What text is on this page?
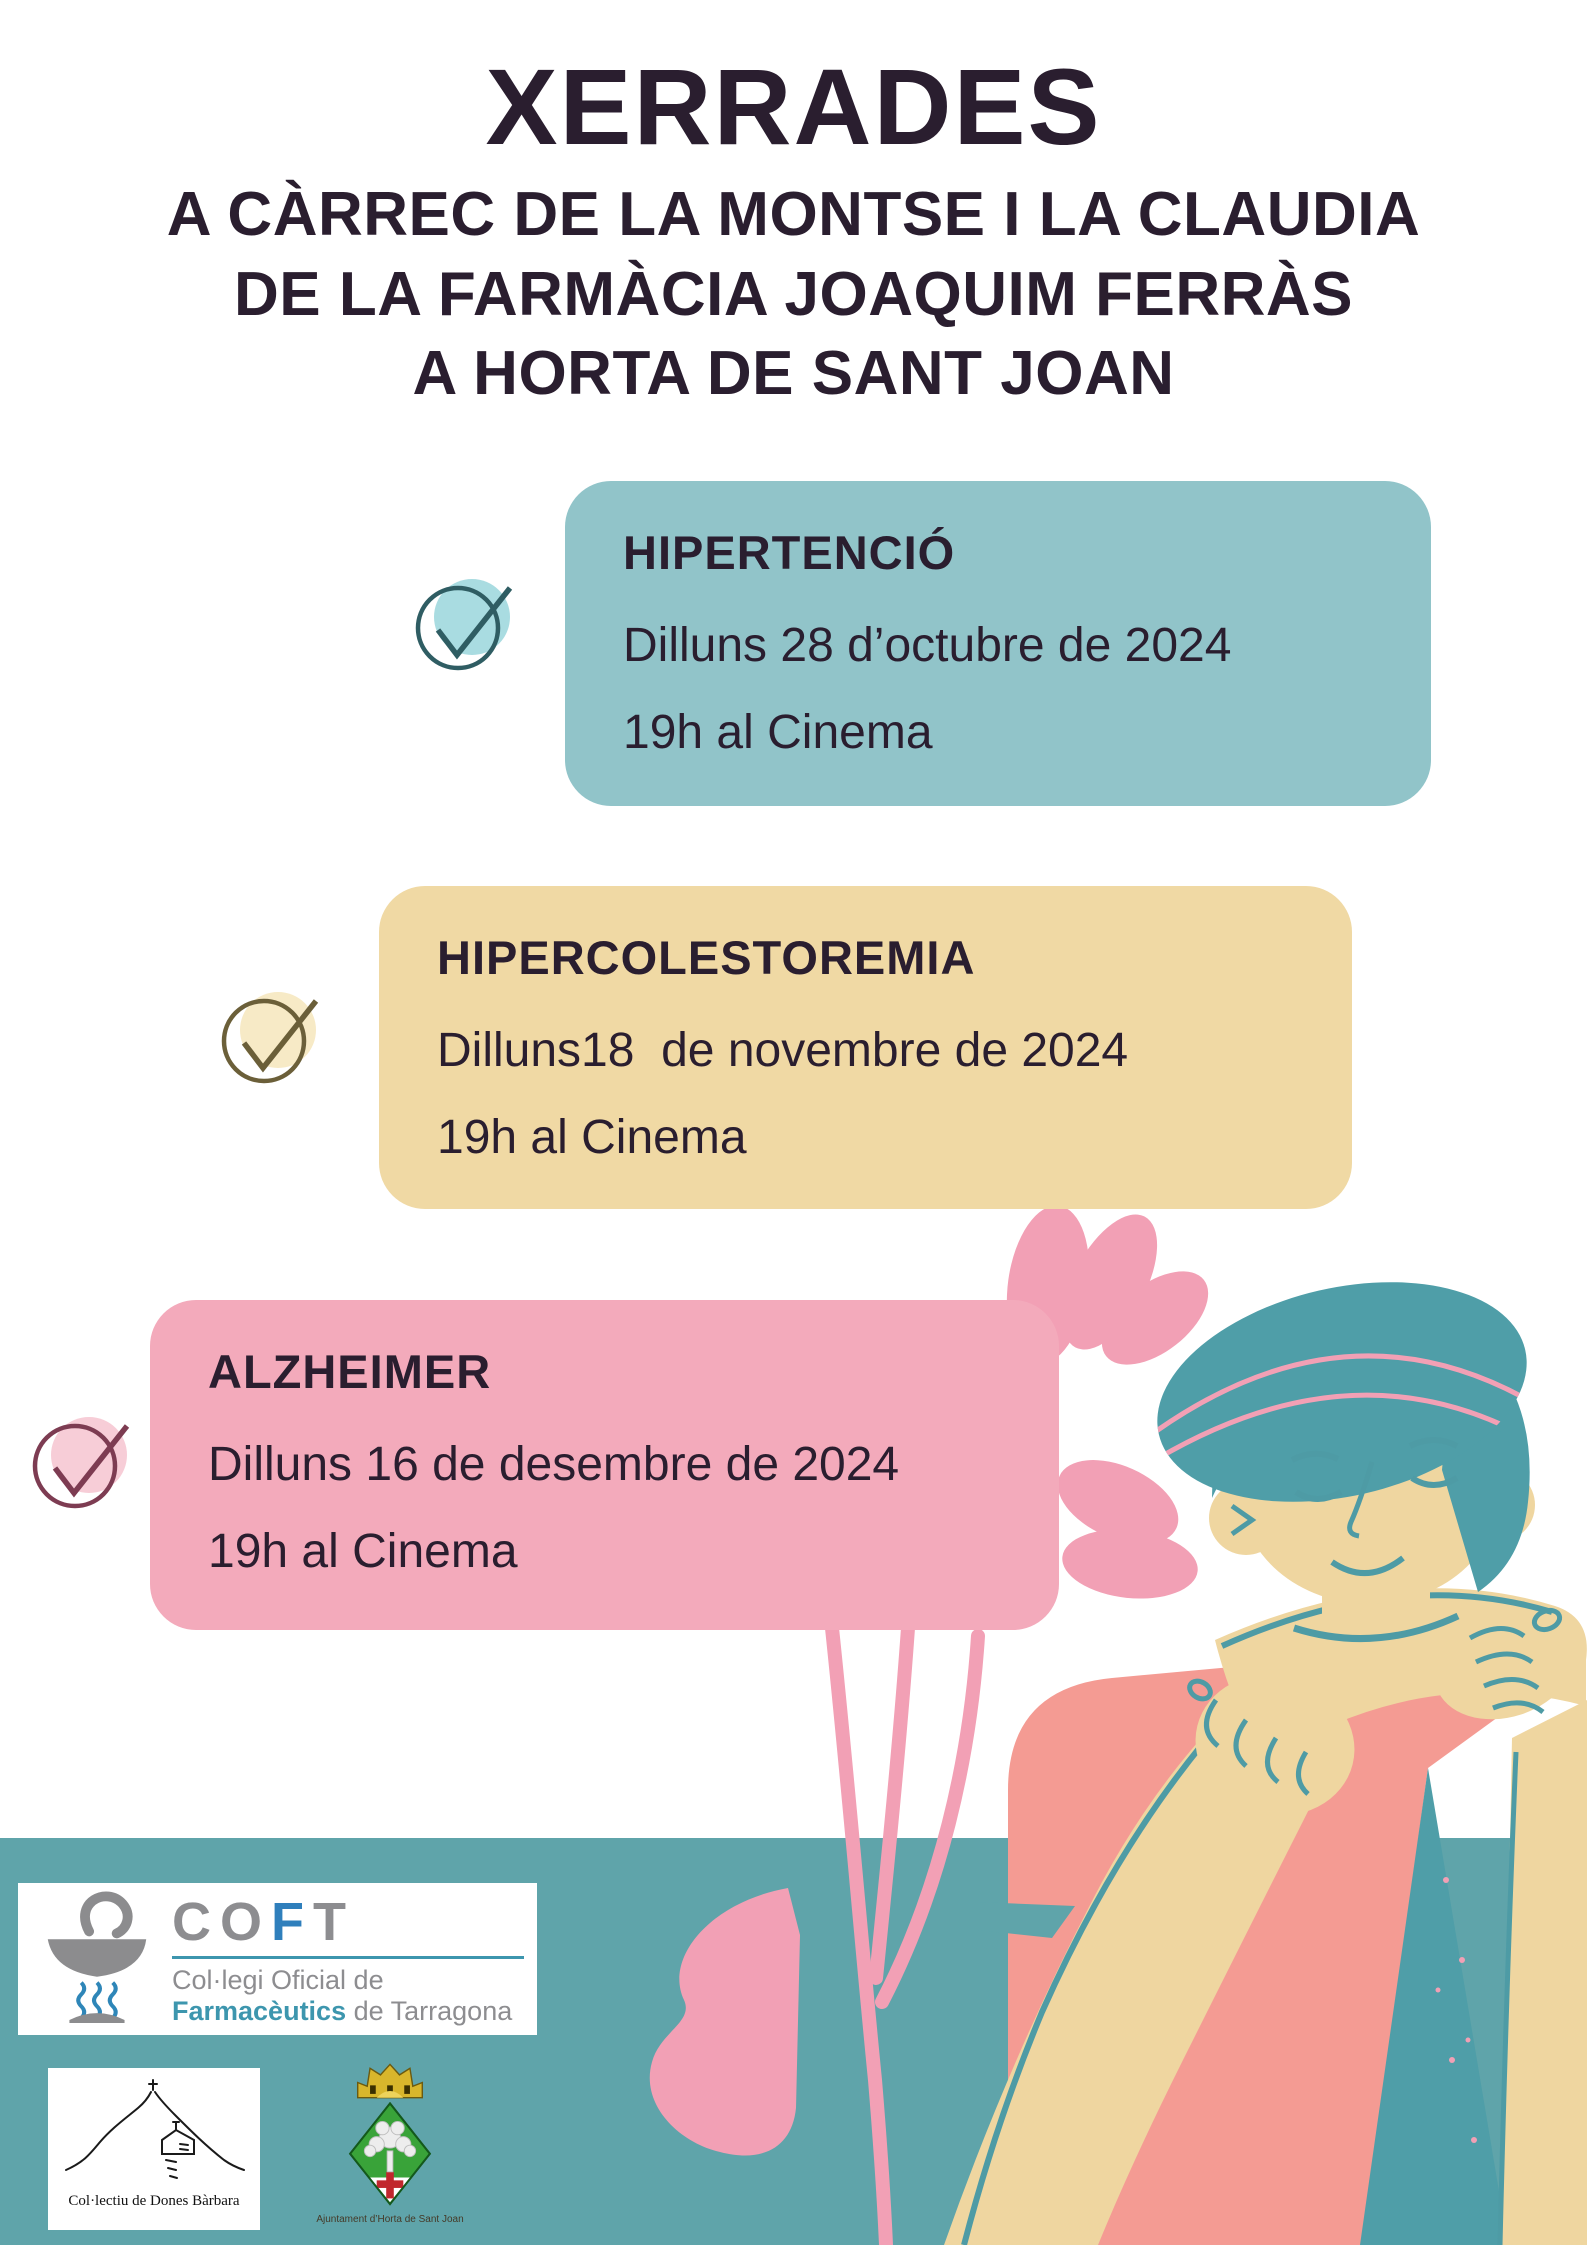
XERRADES
A CÀRREC DE LA MONTSE I LA CLAUDIA
DE LA FARMÀCIA JOAQUIM FERRÀS
A HORTA DE SANT JOAN
HIPERTENCIÓ
Dilluns 28 d’octubre de 2024
19h al Cinema
HIPERCOLESTOREMIA
Dilluns18  de novembre de 2024
19h al Cinema
ALZHEIMER
Dilluns 16 de desembre de 2024
19h al Cinema
COFT
Col·legi Oficial de
Farmacèutics de Tarragona
Col·lectiu de Dones Bàrbara
Ajuntament d’Horta de Sant Joan
